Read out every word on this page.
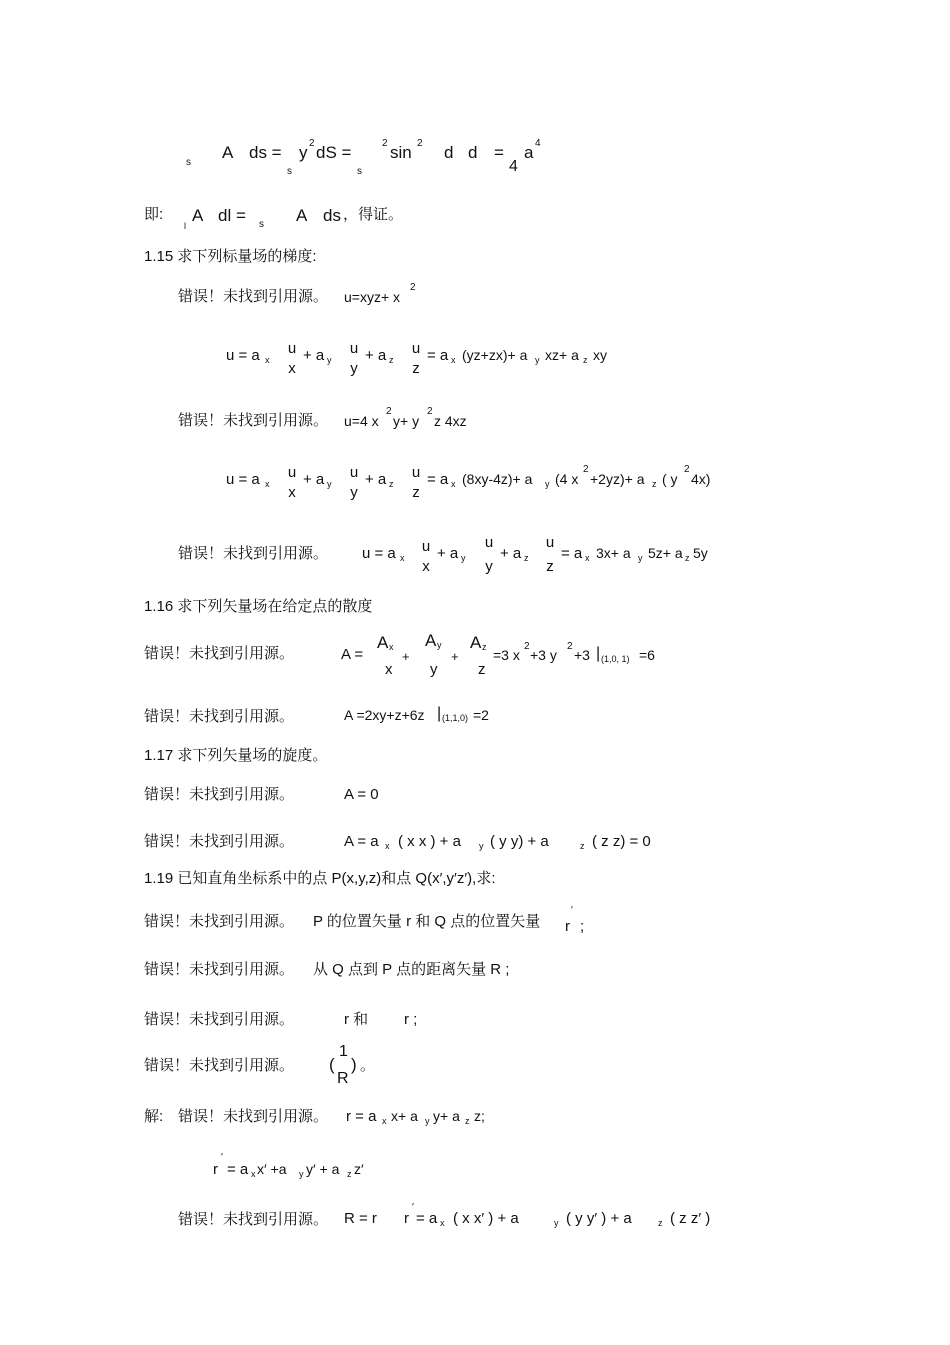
s
A ds =
s
y 2 dS =
s
2 sin 2 d d =
4
a 4
即:
l
A dl = s A ds ，得证。
1.15 求下列标量场的梯度:
错误！未找到引用源。 u=xyz+ x
2
u = a x
u
x
+ a y
u
y
+ a z
u
z
= a x (yz+zx)+ a y xz+ a z xy
错误！未找到引用源。 u=4 x
2
y+ y
2
z 4xz
u = a x
u
x
+ a y
u
y
+ a z
u
z
= a x (8xy-4z)+ a y (4 x
2
+2yz)+ a z ( y
2
4x)
错误！未找到引用源。 u = a x
u
x
+ a y
u
y
+ a z
u
z
= a x 3x+ a y 5z+ a z 5y
1.16 求下列矢量场在给定点的散度
错误！未找到引用源。	A =
A x
x
+
A y
y
+
A z
z
=3 x
2
+3 y
2
+3 | (1,0, 1) =6
错误！未找到引用源。	A =2xy+z+6z | (1,1,0) =2
1.17 求下列矢量场的旋度。
错误！未找到引用源。	A = 0
错误！未找到引用源。	A = a x ( x x ) + a y ( y y) + a	z ( z z) = 0
1.19 已知直角坐标系中的点 P(x,y,z)和点 Q(x′,y′z′),求:
错误！未找到引用源。 P 的位置矢量 r 和 Q 点的位置矢量 r
′
;
错误！未找到引用源。 从 Q 点到 P 点的距离矢量 R ;
错误！未找到引用源。	r 和 r ;
错误！未找到引用源。 (
1
R
) 。
解: 错误！未找到引用源。 r = a x x+ a y y+ a z z;
r
′
= a x x′ +a y y′ + a z z′
错误！未找到引用源。 R = r r
′
= a x ( x x′ ) + a	y ( y y′ ) + a	z ( z z′ )
